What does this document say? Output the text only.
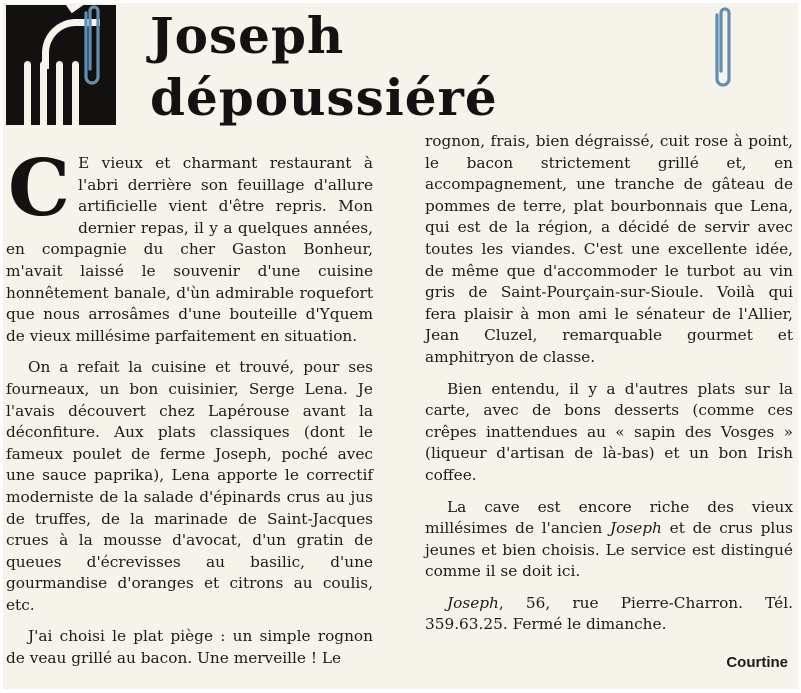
Joseph
dépoussiéré

C E vieux et charmant restaurant à l'abri derrière son feuillage d'allure artificielle vient d'être repris. Mon dernier repas, il y a quelques années, en compagnie du cher Gaston Bonheur, m'avait laissé le souvenir d'une cuisine honnêtement banale, d'ùn admirable roquefort que nous arrosâmes d'une bouteille d'Yquem de vieux millésime parfaitement en situation.

On a refait la cuisine et trouvé, pour ses fourneaux, un bon cuisinier, Serge Lena. Je l'avais découvert chez Lapérouse avant la déconfiture. Aux plats classiques (dont le fameux poulet de ferme Joseph, poché avec une sauce paprika), Lena apporte le correctif moderniste de la salade d'épinards crus au jus de truffes, de la marinade de Saint-Jacques crues à la mousse d'avocat, d'un gratin de queues d'écrevisses au basilic, d'une gourmandise d'oranges et citrons au coulis, etc.

J'ai choisi le plat piège : un simple rognon de veau grillé au bacon. Une merveille ! Le

rognon, frais, bien dégraissé, cuit rose à point, le bacon strictement grillé et, en accompagnement, une tranche de gâteau de pommes de terre, plat bourbonnais que Lena, qui est de la région, a décidé de servir avec toutes les viandes. C'est une excellente idée, de même que d'accommoder le turbot au vin gris de Saint-Pourçain-sur-Sioule. Voilà qui fera plaisir à mon ami le sénateur de l'Allier, Jean Cluzel, remarquable gourmet et amphitryon de classe.

Bien entendu, il y a d'autres plats sur la carte, avec de bons desserts (comme ces crêpes inattendues au « sapin des Vosges » (liqueur d'artisan de là-bas) et un bon Irish coffee.

La cave est encore riche des vieux millésimes de l'ancien Joseph et de crus plus jeunes et bien choisis. Le service est distingué comme il se doit ici.

Joseph, 56, rue Pierre-Charron. Tél. 359.63.25. Fermé le dimanche.

Courtine
